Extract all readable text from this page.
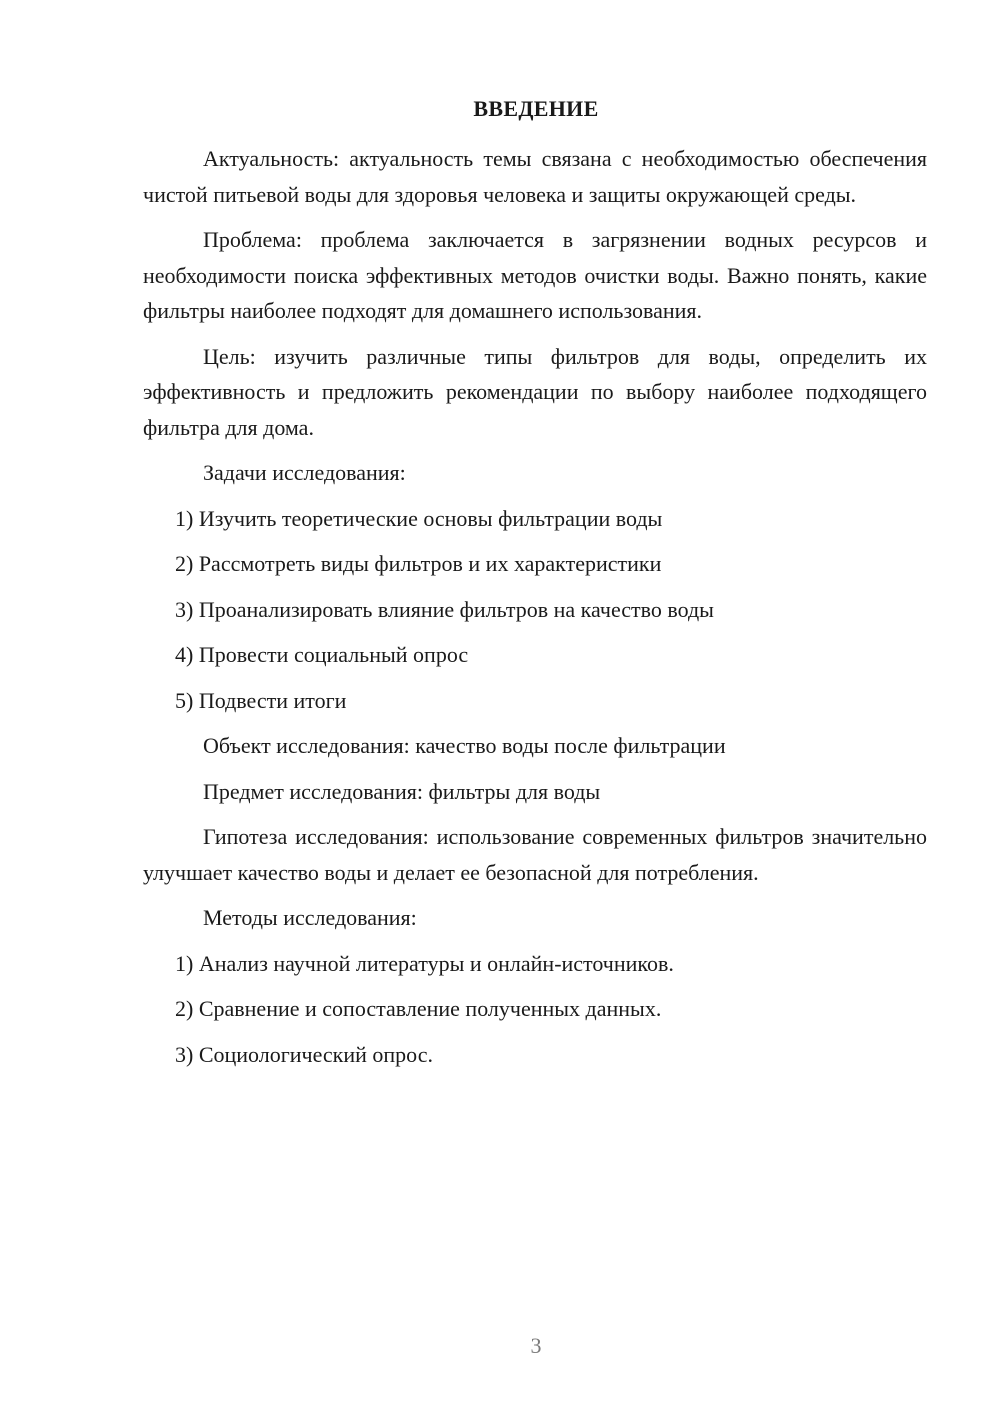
ВВЕДЕНИЕ

Актуальность: актуальность темы связана с необходимостью обеспечения чистой питьевой воды для здоровья человека и защиты окружающей среды.

Проблема: проблема заключается в загрязнении водных ресурсов и необходимости поиска эффективных методов очистки воды. Важно понять, какие фильтры наиболее подходят для домашнего использования.

Цель: изучить различные типы фильтров для воды, определить их эффективность и предложить рекомендации по выбору наиболее подходящего фильтра для дома.

Задачи исследования:

1) Изучить теоретические основы фильтрации воды

2) Рассмотреть виды фильтров и их характеристики

3) Проанализировать влияние фильтров на качество воды

4) Провести социальный опрос

5) Подвести итоги

Объект исследования: качество воды после фильтрации

Предмет исследования: фильтры для воды

Гипотеза исследования: использование современных фильтров значительно улучшает качество воды и делает ее безопасной для потребления.

Методы исследования:

1) Анализ научной литературы и онлайн-источников.

2) Сравнение и сопоставление полученных данных.

3) Социологический опрос.

3
